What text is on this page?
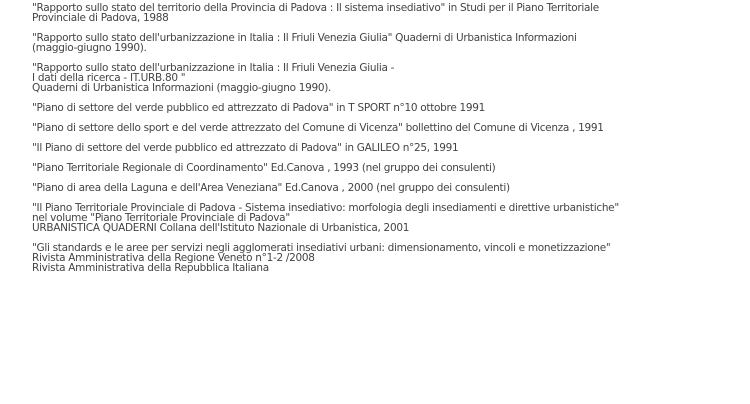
"Rapporto sullo stato del territorio della Provincia di Padova : Il sistema insediativo" in Studi per il Piano Territoriale
Provinciale di Padova, 1988

"Rapporto sullo stato dell'urbanizzazione in Italia : Il Friuli Venezia Giulia" Quaderni di Urbanistica Informazioni
(maggio-giugno 1990).

"Rapporto sullo stato dell'urbanizzazione in Italia : Il Friuli Venezia Giulia -
I dati della ricerca - IT.URB.80 "
Quaderni di Urbanistica Informazioni (maggio-giugno 1990).

"Piano di settore del verde pubblico ed attrezzato di Padova" in T SPORT n°10 ottobre 1991

"Piano di settore dello sport e del verde attrezzato del Comune di Vicenza" bollettino del Comune di Vicenza , 1991

"Il Piano di settore del verde pubblico ed attrezzato di Padova" in GALILEO n°25, 1991

"Piano Territoriale Regionale di Coordinamento" Ed.Canova , 1993 (nel gruppo dei consulenti)

"Piano di area della Laguna e dell'Area Veneziana" Ed.Canova , 2000 (nel gruppo dei consulenti)

"Il Piano Territoriale Provinciale di Padova - Sistema insediativo: morfologia degli insediamenti e direttive urbanistiche"
nel volume "Piano Territoriale Provinciale di Padova"
URBANISTICA QUADERNI Collana dell'Istituto Nazionale di Urbanistica, 2001

"Gli standards e le aree per servizi negli agglomerati insediativi urbani: dimensionamento, vincoli e monetizzazione"
Rivista Amministrativa della Regione Veneto n°1-2 /2008
Rivista Amministrativa della Repubblica Italiana
